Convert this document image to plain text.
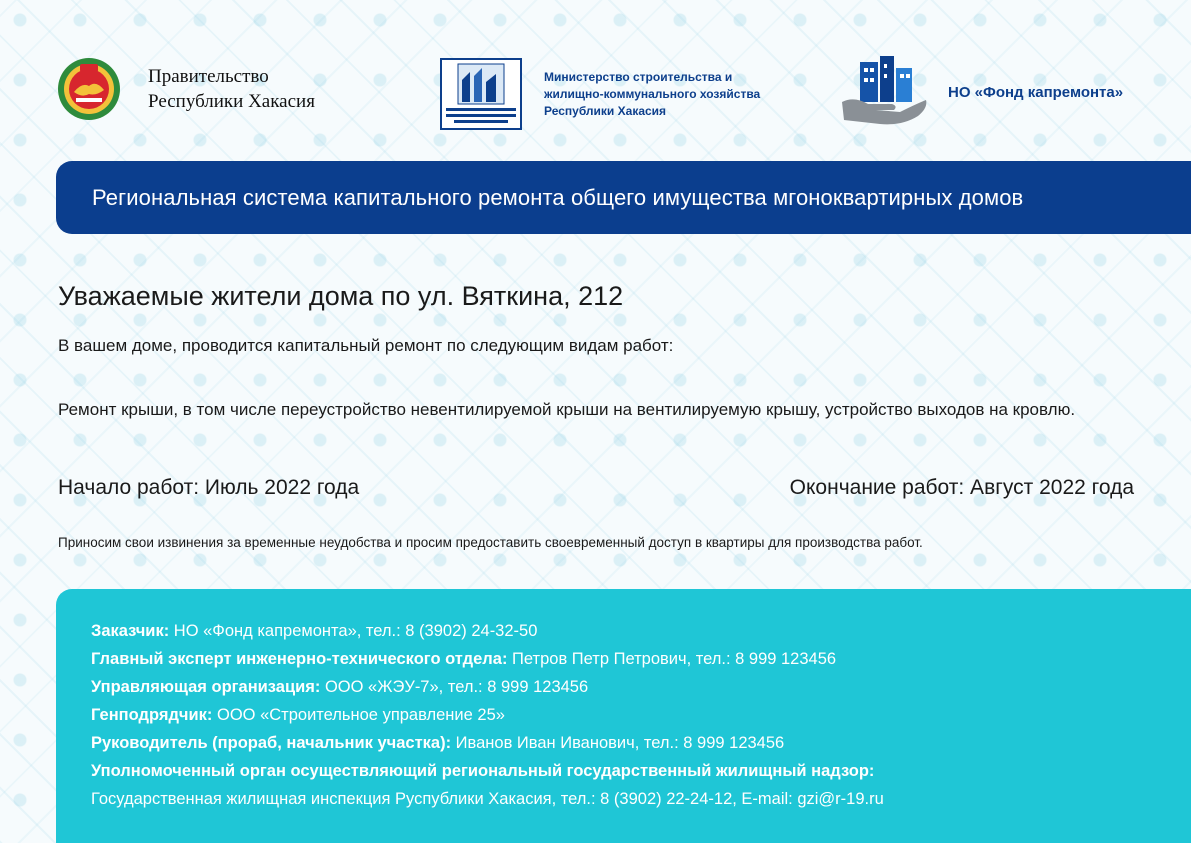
Правительство
Республики Хакасия
Министерство строительства и
жилищно-коммунального хозяйства
Республики Хакасия
НО «Фонд капремонта»
Региональная система капитального ремонта общего имущества мгоноквартирных домов
Уважаемые жители дома по ул. Вяткина, 212
В вашем доме, проводится капитальный ремонт по следующим видам работ:
Ремонт крыши, в том числе переустройство невентилируемой крыши на вентилируемую крышу, устройство выходов на кровлю.
Начало работ: Июль 2022 года	Окончание работ: Август 2022 года
Приносим свои извинения за временные неудобства и просим предоставить своевременный доступ в квартиры для производства работ.
Заказчик: НО «Фонд капремонта», тел.: 8 (3902) 24-32-50
Главный эксперт инженерно-технического отдела: Петров Петр Петрович, тел.: 8 999 123456
Управляющая организация: ООО «ЖЭУ-7», тел.: 8 999 123456
Генподрядчик: ООО «Строительное управление 25»
Руководитель (прораб, начальник участка): Иванов Иван Иванович, тел.: 8 999 123456
Уполномоченный орган осуществляющий региональный государственный жилищный надзор:
Государственная жилищная инспекция Руспублики Хакасия, тел.: 8 (3902) 22-24-12, E-mail: gzi@r-19.ru
